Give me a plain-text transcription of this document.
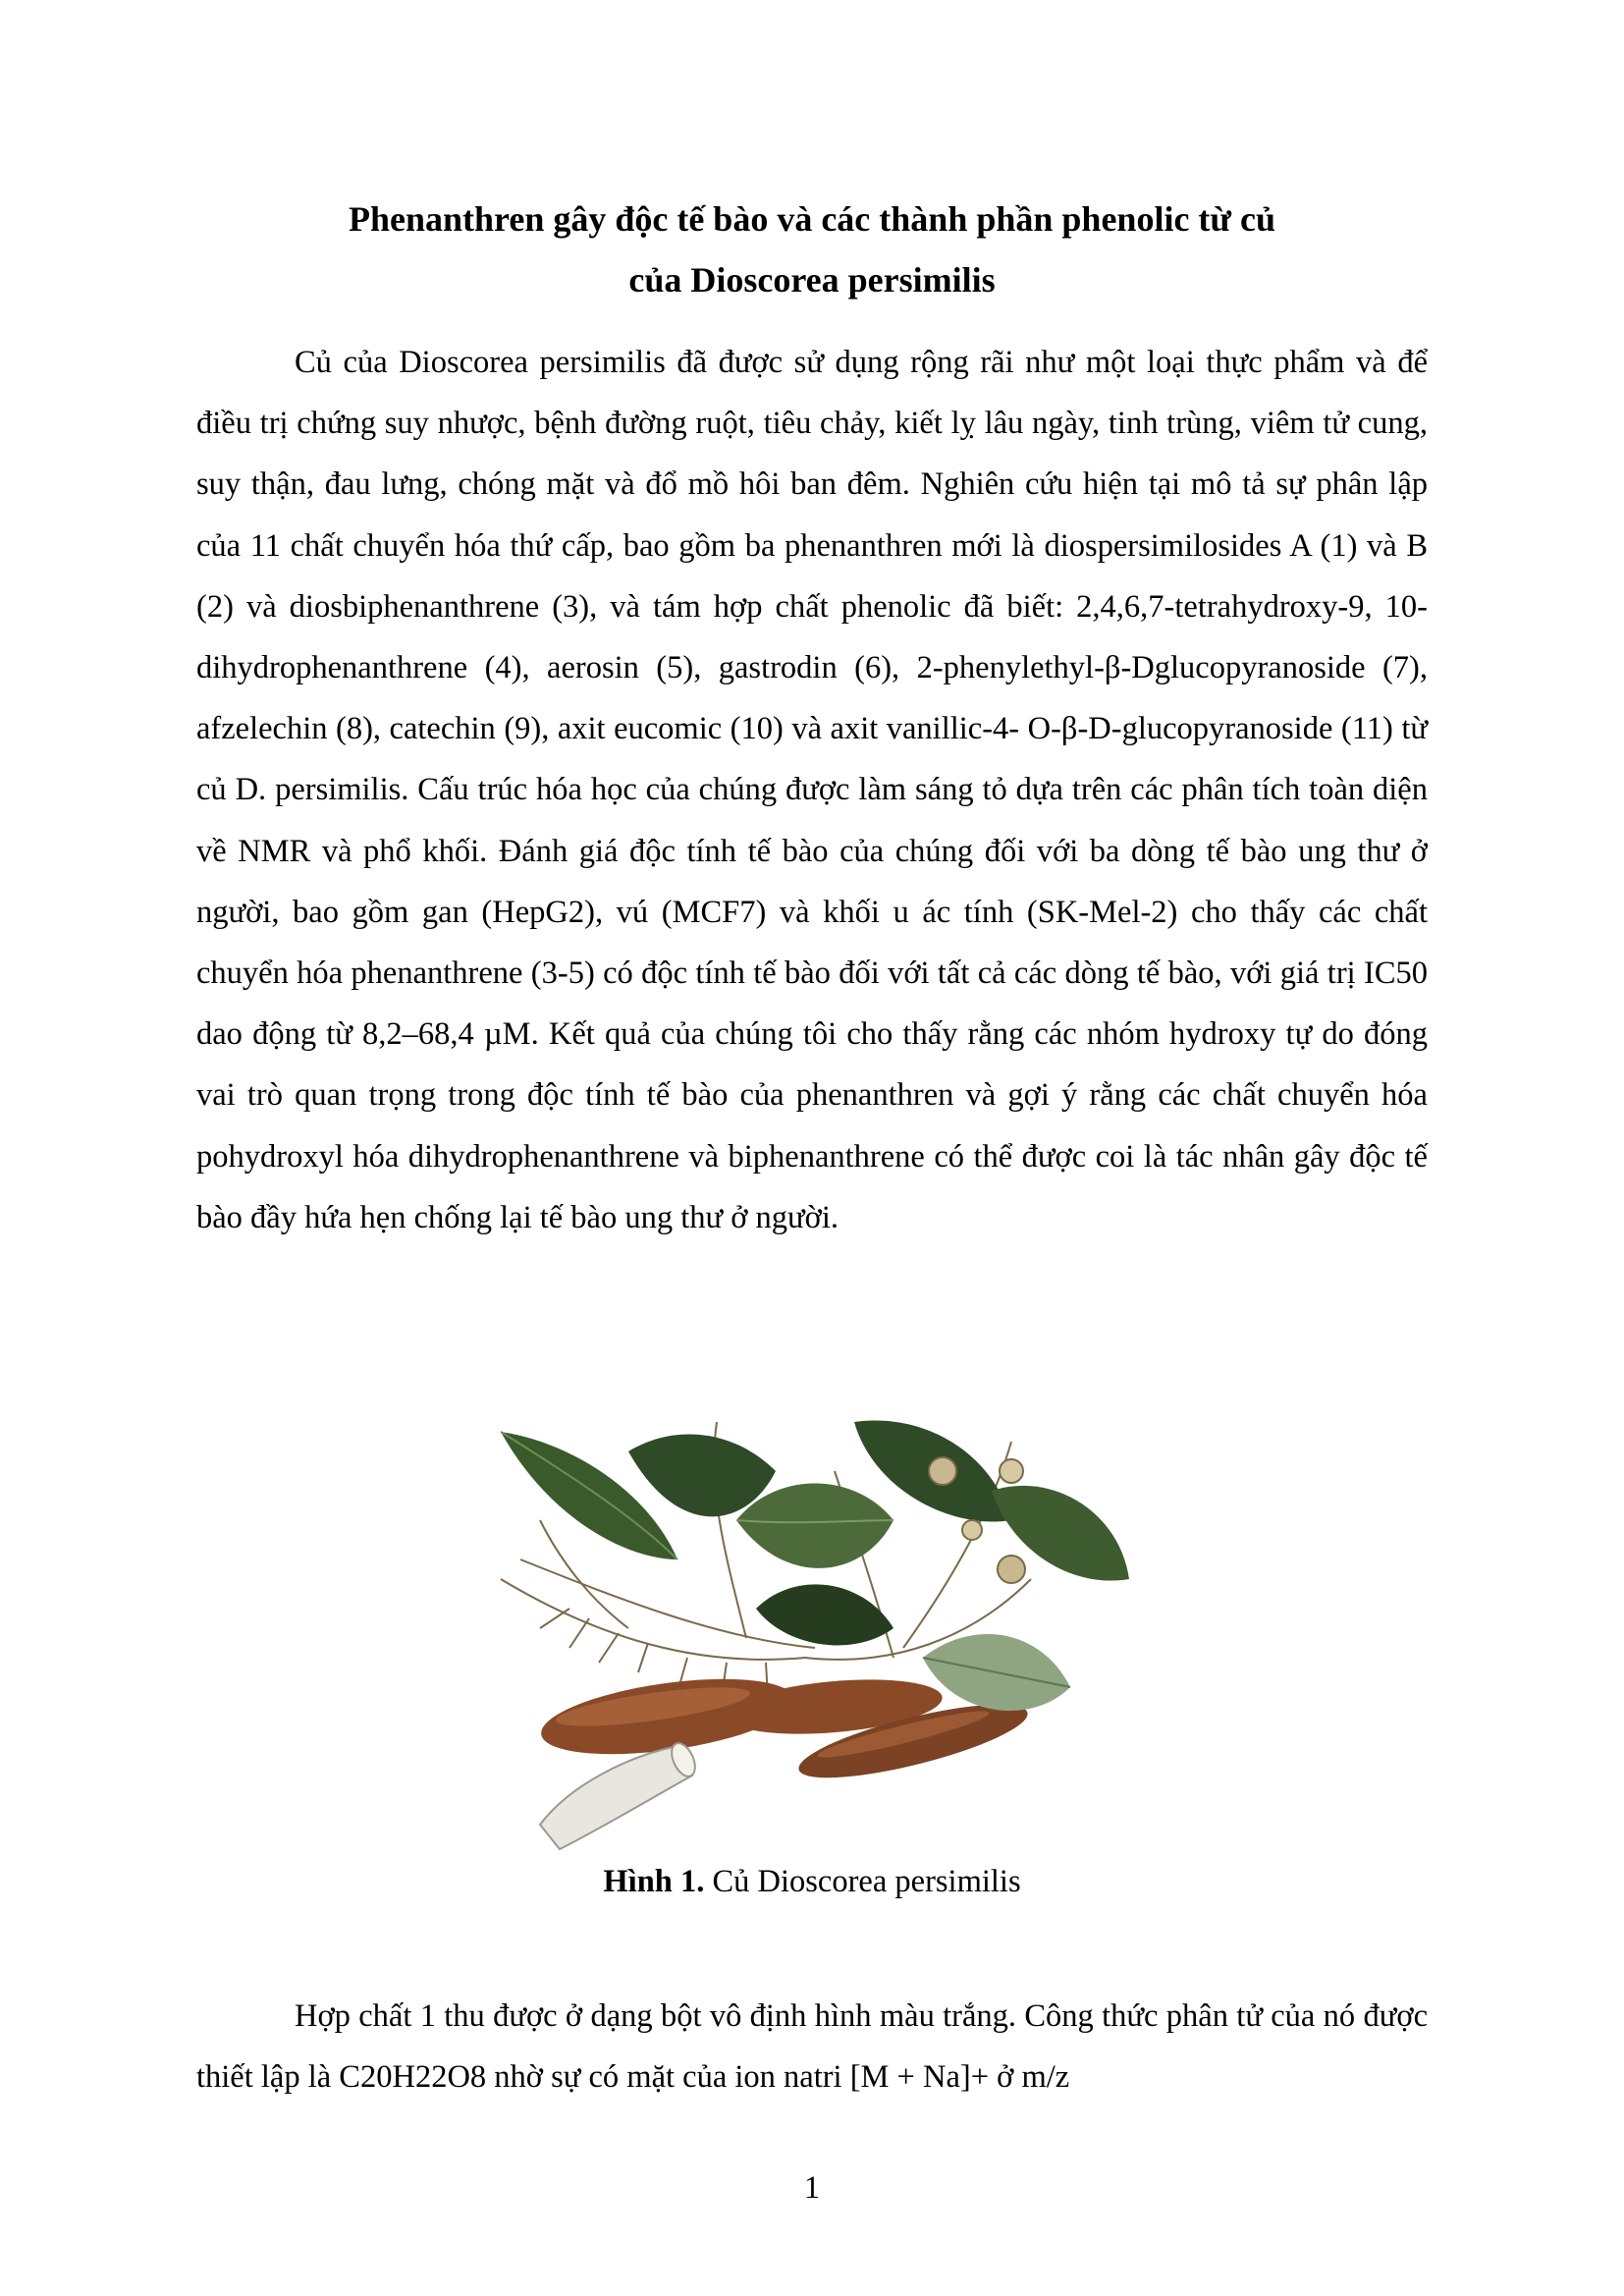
Phenanthren gây độc tế bào và các thành phần phenolic từ củ
của Dioscorea persimilis

Củ của Dioscorea persimilis đã được sử dụng rộng rãi như một loại thực phẩm và để điều trị chứng suy nhược, bệnh đường ruột, tiêu chảy, kiết lỵ lâu ngày, tinh trùng, viêm tử cung, suy thận, đau lưng, chóng mặt và đổ mồ hôi ban đêm. Nghiên cứu hiện tại mô tả sự phân lập của 11 chất chuyển hóa thứ cấp, bao gồm ba phenanthren mới là diospersimilosides A (1) và B (2) và diosbiphenanthrene (3), và tám hợp chất phenolic đã biết: 2,4,6,7-tetrahydroxy-9, 10-dihydrophenanthrene (4), aerosin (5), gastrodin (6), 2-phenylethyl-β-Dglucopyranoside (7), afzelechin (8), catechin (9), axit eucomic (10) và axit vanillic-4- O-β-D-glucopyranoside (11) từ củ D. persimilis. Cấu trúc hóa học của chúng được làm sáng tỏ dựa trên các phân tích toàn diện về NMR và phổ khối. Đánh giá độc tính tế bào của chúng đối với ba dòng tế bào ung thư ở người, bao gồm gan (HepG2), vú (MCF7) và khối u ác tính (SK-Mel-2) cho thấy các chất chuyển hóa phenanthrene (3-5) có độc tính tế bào đối với tất cả các dòng tế bào, với giá trị IC50 dao động từ 8,2–68,4 µM. Kết quả của chúng tôi cho thấy rằng các nhóm hydroxy tự do đóng vai trò quan trọng trong độc tính tế bào của phenanthren và gợi ý rằng các chất chuyển hóa pohydroxyl hóa dihydrophenanthrene và biphenanthrene có thể được coi là tác nhân gây độc tế bào đầy hứa hẹn chống lại tế bào ung thư ở người.

Hình 1. Củ Dioscorea persimilis

Hợp chất 1 thu được ở dạng bột vô định hình màu trắng. Công thức phân tử của nó được thiết lập là C20H22O8 nhờ sự có mặt của ion natri [M + Na]+ ở m/z

1
